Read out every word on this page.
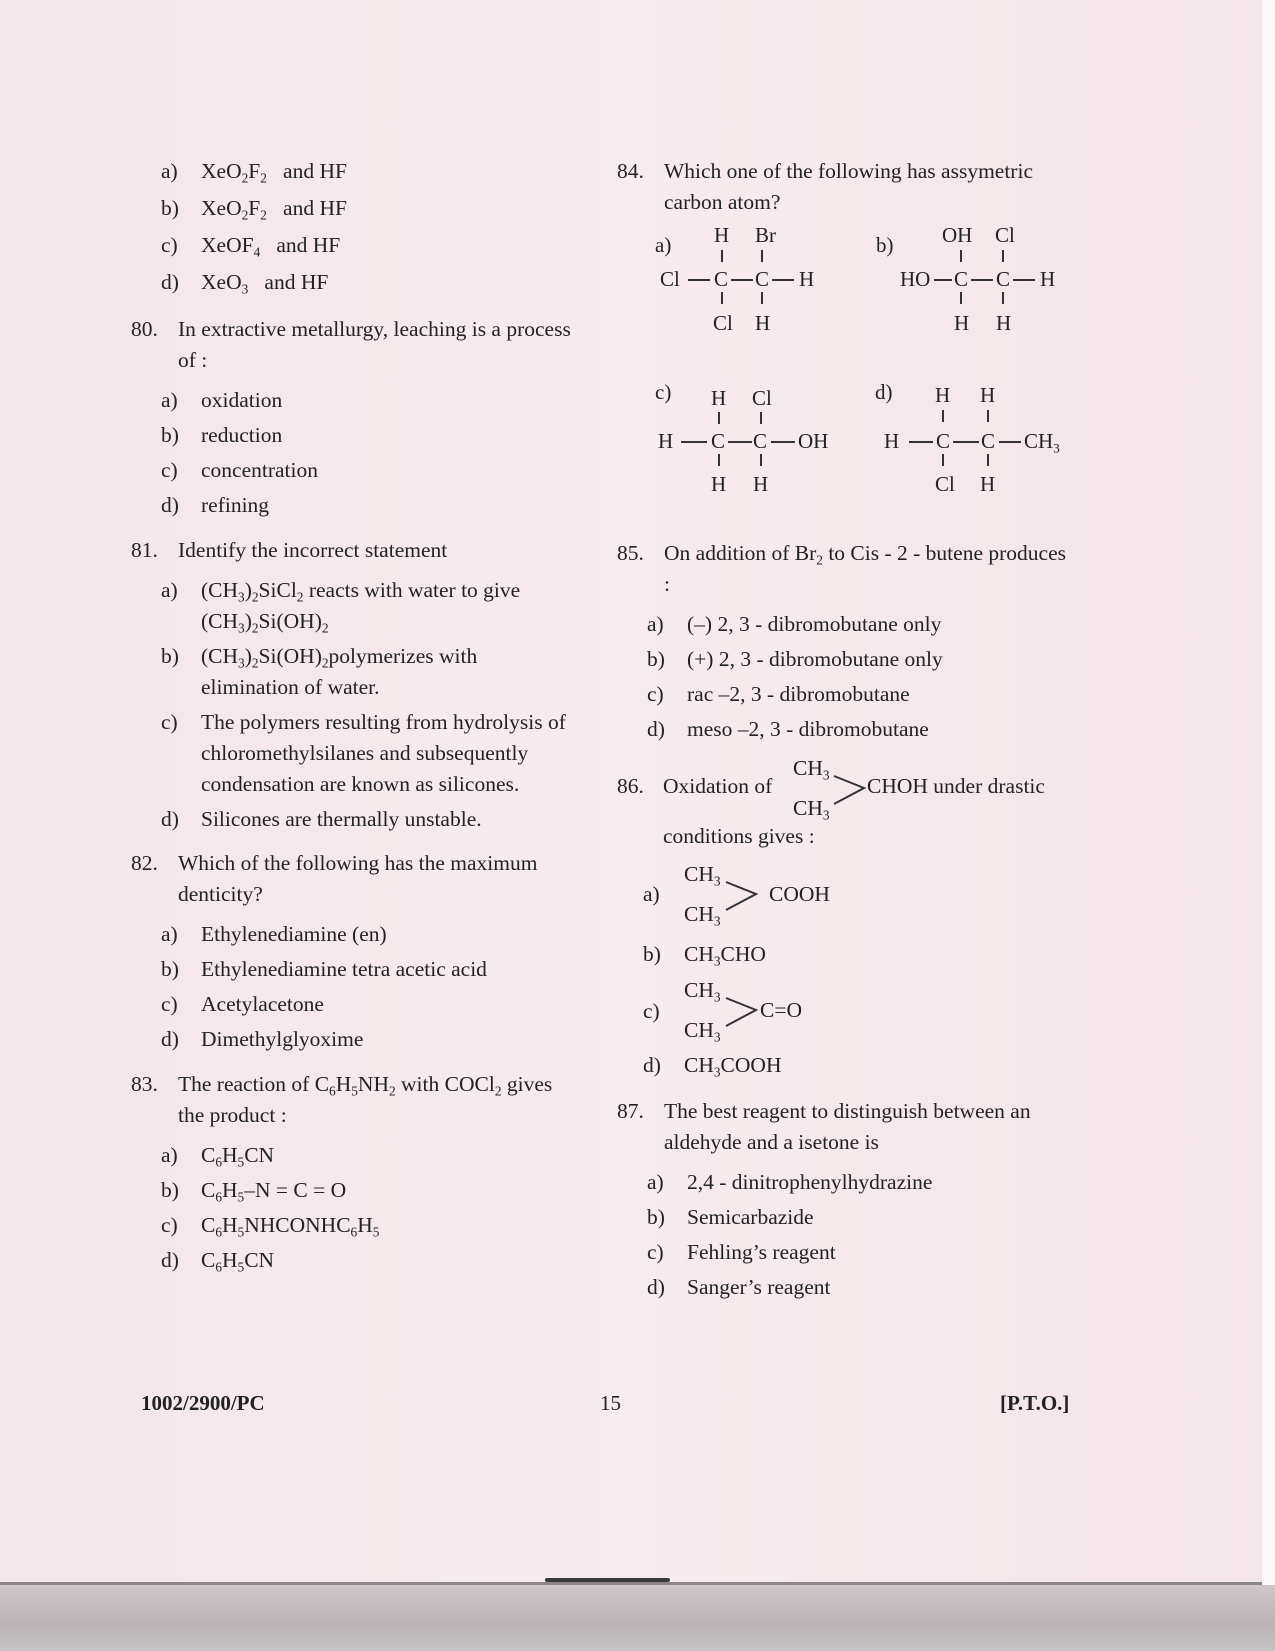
a) $XeO_2F_2$ and HF

b) $XeO_2F_2$ and HF

c) XeOF$_4$ and HF

d) XeO$_3$ and HF

80. In extractive metallurgy, leaching is a process of :

a) oxidation

b) reduction

c) concentration

d) refining

81. Identify the incorrect statement

a) $(CH_3)_2SiCl_2$ reacts with water to give $(CH_3)_2Si(OH)_2$

b) $(CH_3)_2Si(OH)_2polymerizes$ with elimination of water.

c) The polymers resulting from hydrolysis of chloromethylsilanes and subsequently condensation are known as silicones.

d) Silicones are thermally unstable.

82. Which of the following has the maximum denticity?

a) Ethylenediamine (en)

b) Ethylenediamine tetra acetic acid

c) Acetylacetone

d) Dimethylglyoxime

83. The reaction of $C_6H_5NH_2$ with COCl$_2$ gives the product :

a) $C_6H_5CN$

b) $C_6H_5-N = C = O$

c) $C_6H_5NHCONHC_6H_5$

d) $C_6H_5CN$

84. Which one of the following has assymetric carbon atom?

a) H Br
Cl C C H
Cl H
b) OH Cl
HO C C H
H H
c) H Cl
H C C OH
H H
d) H H
H C C $CH_3$
Cl H

85. On addition of $Br_2$ to Cis - 2 - butene produces :

a) (–) 2, 3 - dibromobutane only

b) (+) 2, 3 - dibromobutane only

c) rac –2, 3 - dibromobutane

d) meso –2, 3 - dibromobutane

86. Oxidation of
$CH_3$
$CH_3$
CHOH under drastic
conditions gives :
a)
$CH_3$
$CH_3$
COOH
b) $CH_3CHO$
c)
$CH_3$
$CH_3$
C=O
d) $CH_3COOH$

87. The best reagent to distinguish between an aldehyde and a isetone is

a) 2,4 - dinitrophenylhydrazine

b) Semicarbazide

c) Fehling’s reagent

d) Sanger’s reagent

1002/2900/PC	15	[P.T.O.]
